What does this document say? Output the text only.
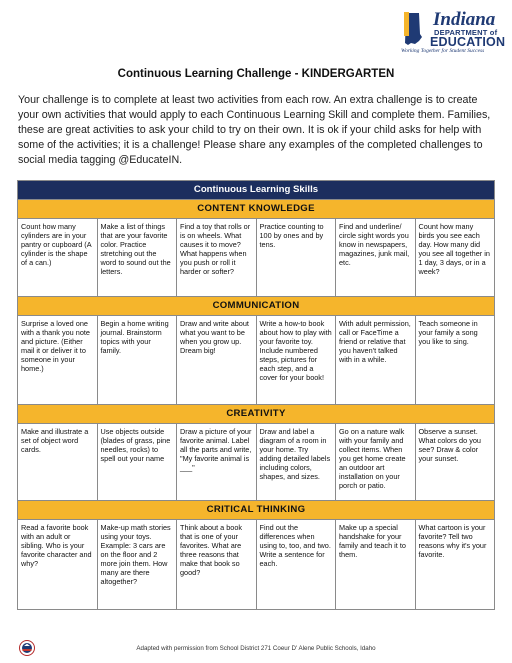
Indiana
DEPARTMENT of
EDUCATION
Working Together for Student Success
Continuous Learning Challenge - KINDERGARTEN
Your challenge is to complete at least two activities from each row. An extra challenge is to create your own activities that would apply to each Continuous Learning Skill and complete them. Families, these are great activities to ask your child to try on their own. It is ok if your child asks for help with some of the activities; it is a challenge! Please share any examples of the completed challenges to social media tagging @EducateIN.
Continuous Learning Skills					
CONTENT KNOWLEDGE					
Count how many cylinders are in your pantry or cupboard (A cylinder is the shape of a can.)	Make a list of things that are your favorite color. Practice stretching out the word to sound out the letters.	Find a toy that rolls or is on wheels. What causes it to move? What happens when you push or roll it harder or softer?	Practice counting to 100 by ones and by tens.	Find and underline/ circle sight words you know in newspapers, magazines, junk mail, etc.	Count how many birds you see each day. How many did you see all together in 1 day, 3 days, or in a week?
COMMUNICATION					
Surprise a loved one with a thank you note and picture. (Either mail it or deliver it to someone in your home.)	Begin a home writing journal. Brainstorm topics with your family.	Draw and write about what you want to be when you grow up. Dream big!	Write a how-to book about how to play with your favorite toy. Include numbered steps, pictures for each step, and a cover for your book!	With adult permission, call or FaceTime a friend or relative that you haven't talked with in a while.	Teach someone in your family a song you like to sing.
CREATIVITY					
Make and illustrate a set of object word cards.	Use objects outside (blades of grass, pine needles, rocks) to spell out your name	Draw a picture of your favorite animal. Label all the parts and write, "My favorite animal is ___"	Draw and label a diagram of a room in your home. Try adding detailed labels including colors, shapes, and sizes.	Go on a nature walk with your family and collect items. When you get home create an outdoor art installation on your porch or patio.	Observe a sunset. What colors do you see? Draw & color your sunset.
CRITICAL THINKING					
Read a favorite book with an adult or sibling. Who is your favorite character and why?	Make-up math stories using your toys. Example: 3 cars are on the floor and 2 more join them. How many are there altogether?	Think about a book that is one of your favorites. What are three reasons that make that book so good?	Find out the differences when using to, too, and two. Write a sentence for each.	Make up a special handshake for your family and teach it to them.	What cartoon is your favorite? Tell two reasons why it's your favorite.
Adapted with permission from School District 271 Coeur D' Alene Public Schools, Idaho
